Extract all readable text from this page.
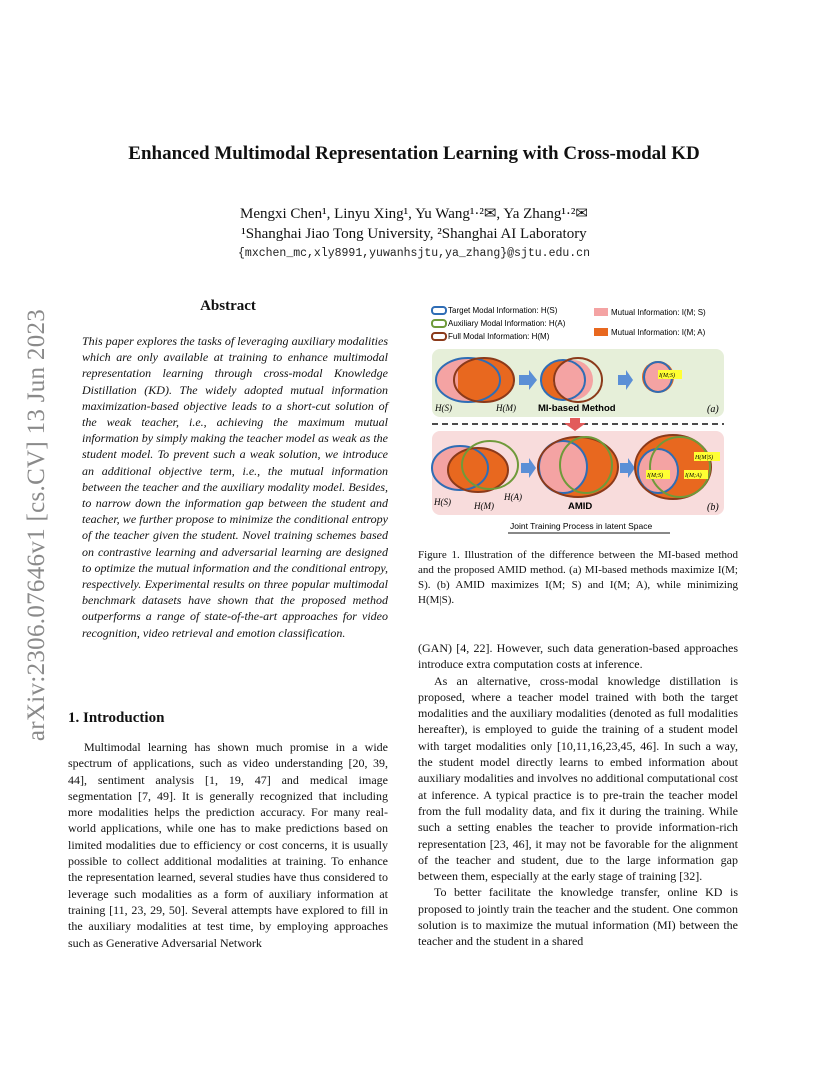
arXiv:2306.07646v1 [cs.CV] 13 Jun 2023
Enhanced Multimodal Representation Learning with Cross-modal KD
Mengxi Chen¹, Linyu Xing¹, Yu Wang¹·²✉, Ya Zhang¹·²✉
¹Shanghai Jiao Tong University, ²Shanghai AI Laboratory
{mxchen_mc,xly8991,yuwanhsjtu,ya_zhang}@sjtu.edu.cn
Abstract
This paper explores the tasks of leveraging auxiliary modalities which are only available at training to enhance multimodal representation learning through cross-modal Knowledge Distillation (KD). The widely adopted mutual information maximization-based objective leads to a short-cut solution of the weak teacher, i.e., achieving the maximum mutual information by simply making the teacher model as weak as the student model. To prevent such a weak solution, we introduce an additional objective term, i.e., the mutual information between the teacher and the auxiliary modality model. Besides, to narrow down the information gap between the student and teacher, we further propose to minimize the conditional entropy of the teacher given the student. Novel training schemes based on contrastive learning and adversarial learning are designed to optimize the mutual information and the conditional entropy, respectively. Experimental results on three popular multimodal benchmark datasets have shown that the proposed method outperforms a range of state-of-the-art approaches for video recognition, video retrieval and emotion classification.
1. Introduction

Multimodal learning has shown much promise in a wide spectrum of applications, such as video understanding [20, 39, 44], sentiment analysis [1, 19, 47] and medical image segmentation [7, 49]. It is generally recognized that including more modalities helps the prediction accuracy. For many real-world applications, while one has to make predictions based on limited modalities due to efficiency or cost concerns, it is usually possible to collect additional modalities at training. To enhance the representation learned, several studies have thus considered to leverage such modalities as a form of auxiliary information at training [11, 23, 29, 50]. Several attempts have explored to fill in the auxiliary modalities at test time, by employing approaches such as Generative Adversarial Network

Target Modal Information: H(S)
Auxiliary Modal Information: H(A)
Full Modal Information: H(M)
Mutual Information: I(M; S)
Mutual Information: I(M; A)
I(M;S)
H(S)	H(M) MI-based Method	(a)
H(M|S)
I(M;S)	I(M;A)
H(S)	H(M)
H(A)
AMID	(b)
Joint Training Process in latent Space
Figure 1. Illustration of the difference between the MI-based method and the proposed AMID method. (a) MI-based methods maximize I(M; S). (b) AMID maximizes I(M; S) and I(M; A), while minimizing H(M|S).

(GAN) [4, 22]. However, such data generation-based approaches introduce extra computation costs at inference.

As an alternative, cross-modal knowledge distillation is proposed, where a teacher model trained with both the target modalities and the auxiliary modalities (denoted as full modalities hereafter), is employed to guide the training of a student model with target modalities only [10,11,16,23,45, 46]. In such a way, the student model directly learns to embed information about auxiliary modalities and involves no additional computational cost at inference. A typical practice is to pre-train the teacher model from the full modality data, and fix it during the training. While such a setting enables the teacher to provide information-rich representation [23, 46], it may not be favorable for the alignment of the teacher and student, due to the large information gap between them, especially at the early stage of training [32].

To better facilitate the knowledge transfer, online KD is proposed to jointly train the teacher and the student. One common solution is to maximize the mutual information (MI) between the teacher and the student in a shared
